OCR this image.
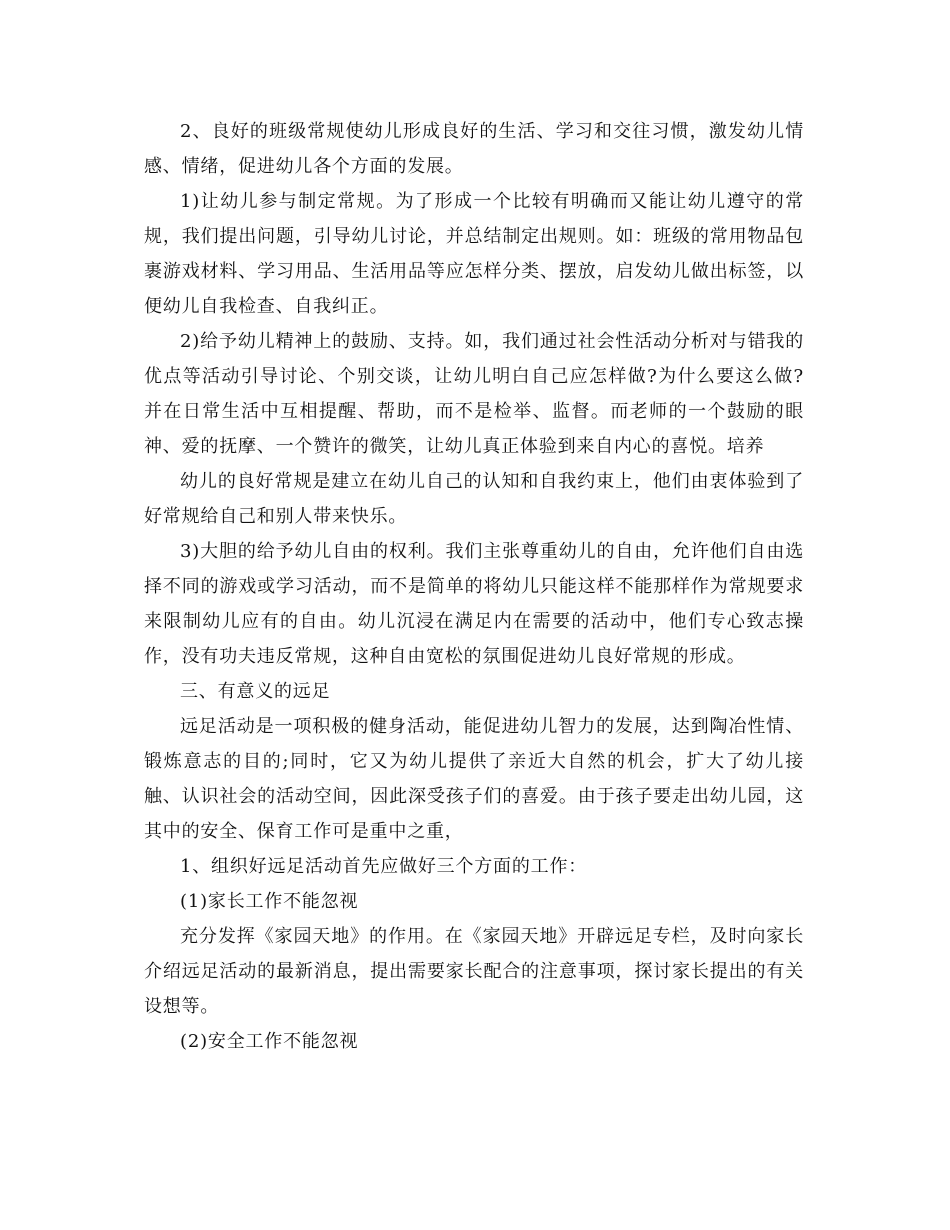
2、良好的班级常规使幼儿形成良好的生活、学习和交往习惯，激发幼儿情感、情绪，促进幼儿各个方面的发展。

1)让幼儿参与制定常规。为了形成一个比较有明确而又能让幼儿遵守的常规，我们提出问题，引导幼儿讨论，并总结制定出规则。如：班级的常用物品包裹游戏材料、学习用品、生活用品等应怎样分类、摆放，启发幼儿做出标签，以便幼儿自我检查、自我纠正。

2)给予幼儿精神上的鼓励、支持。如，我们通过社会性活动分析对与错我的优点等活动引导讨论、个别交谈，让幼儿明白自己应怎样做?为什么要这么做?并在日常生活中互相提醒、帮助，而不是检举、监督。而老师的一个鼓励的眼神、爱的抚摩、一个赞许的微笑，让幼儿真正体验到来自内心的喜悦。培养

幼儿的良好常规是建立在幼儿自己的认知和自我约束上，他们由衷体验到了好常规给自己和别人带来快乐。

3)大胆的给予幼儿自由的权利。我们主张尊重幼儿的自由，允许他们自由选择不同的游戏或学习活动，而不是简单的将幼儿只能这样不能那样作为常规要求来限制幼儿应有的自由。幼儿沉浸在满足内在需要的活动中，他们专心致志操作，没有功夫违反常规，这种自由宽松的氛围促进幼儿良好常规的形成。

三、有意义的远足

远足活动是一项积极的健身活动，能促进幼儿智力的发展，达到陶冶性情、锻炼意志的目的;同时，它又为幼儿提供了亲近大自然的机会，扩大了幼儿接触、认识社会的活动空间，因此深受孩子们的喜爱。由于孩子要走出幼儿园，这其中的安全、保育工作可是重中之重，

1、组织好远足活动首先应做好三个方面的工作：

(1)家长工作不能忽视

充分发挥《家园天地》的作用。在《家园天地》开辟远足专栏，及时向家长介绍远足活动的最新消息，提出需要家长配合的注意事项，探讨家长提出的有关设想等。

(2)安全工作不能忽视
